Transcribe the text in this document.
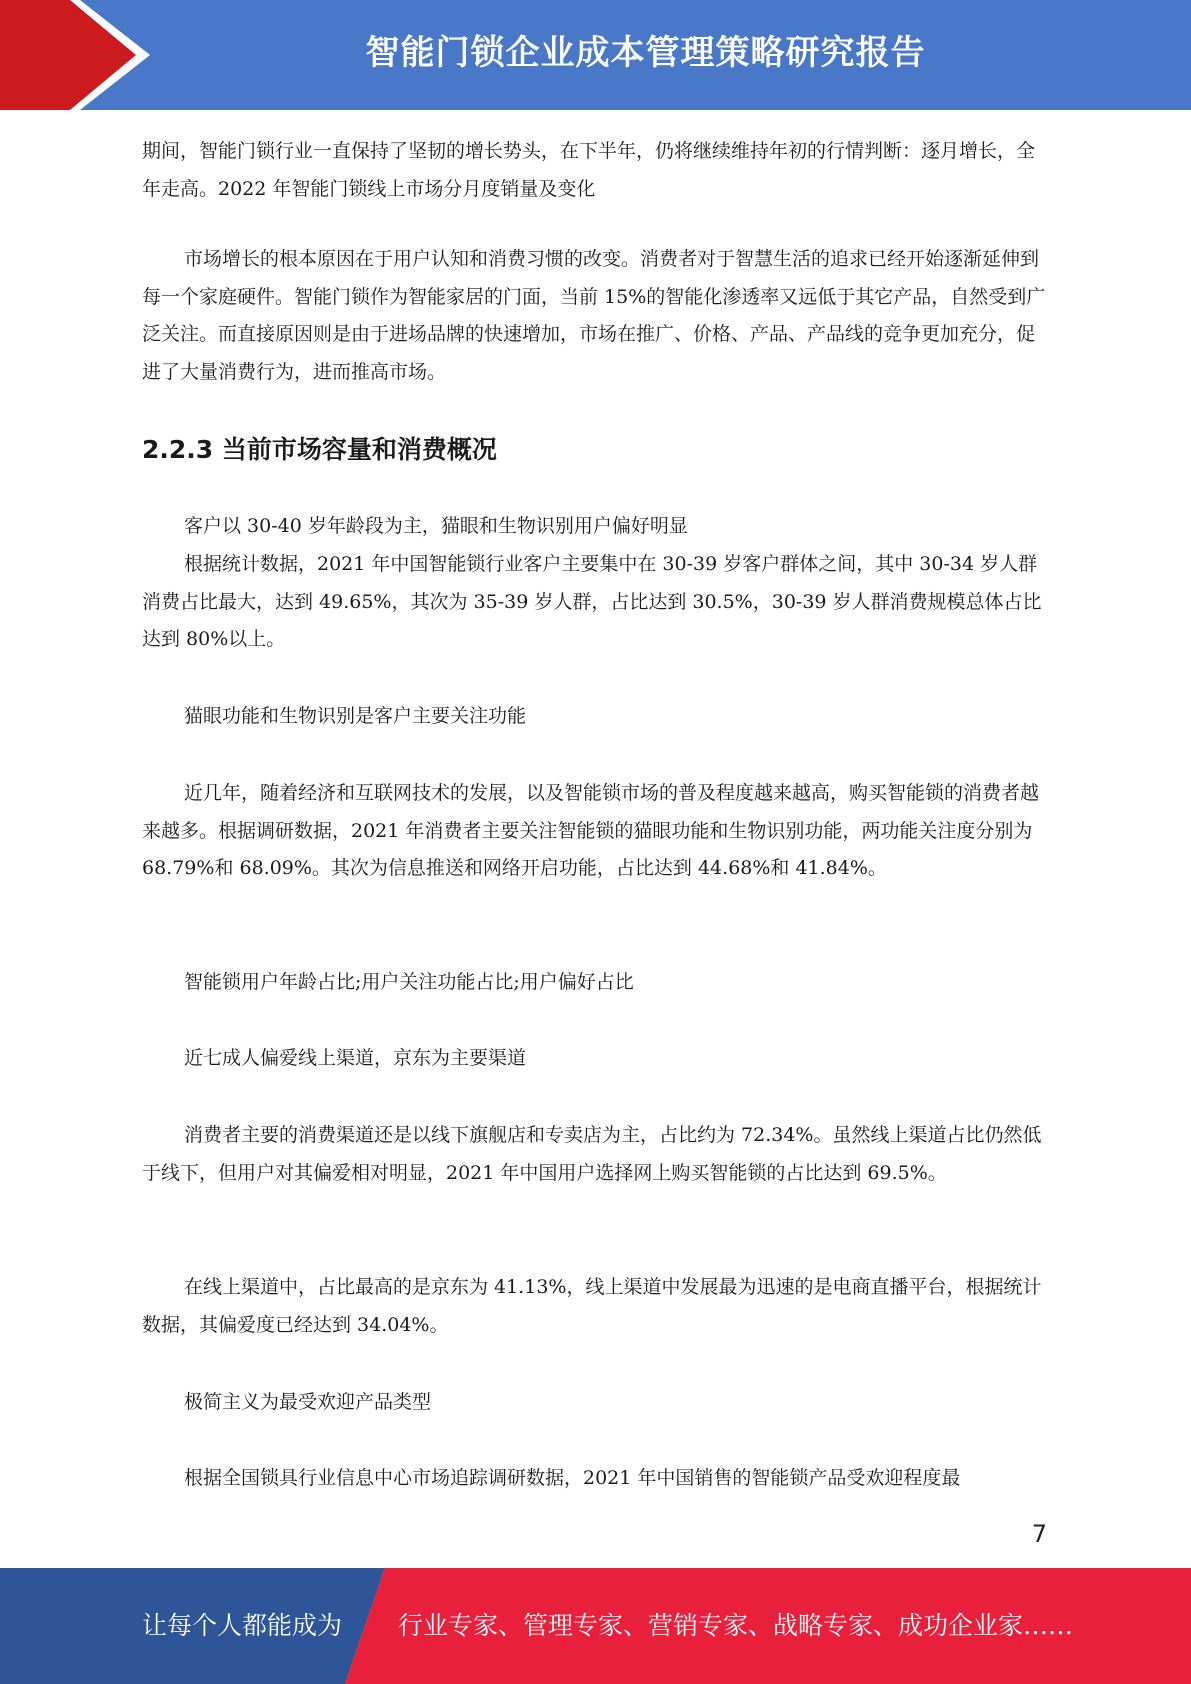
智能门锁企业成本管理策略研究报告

期间，智能门锁行业一直保持了坚韧的增长势头，在下半年，仍将继续维持年初的行情判断：逐月增长，全年走高。2022 年智能门锁线上市场分月度销量及变化

市场增长的根本原因在于用户认知和消费习惯的改变。消费者对于智慧生活的追求已经开始逐渐延伸到每一个家庭硬件。智能门锁作为智能家居的门面，当前 15%的智能化渗透率又远低于其它产品，自然受到广泛关注。而直接原因则是由于进场品牌的快速增加，市场在推广、价格、产品、产品线的竞争更加充分，促进了大量消费行为，进而推高市场。

2.2.3 当前市场容量和消费概况

客户以 30-40 岁年龄段为主，猫眼和生物识别用户偏好明显

根据统计数据，2021 年中国智能锁行业客户主要集中在 30-39 岁客户群体之间，其中 30-34 岁人群消费占比最大，达到 49.65%，其次为 35-39 岁人群，占比达到 30.5%，30-39 岁人群消费规模总体占比达到 80%以上。

猫眼功能和生物识别是客户主要关注功能

近几年，随着经济和互联网技术的发展，以及智能锁市场的普及程度越来越高，购买智能锁的消费者越来越多。根据调研数据，2021 年消费者主要关注智能锁的猫眼功能和生物识别功能，两功能关注度分别为 68.79%和 68.09%。其次为信息推送和网络开启功能，占比达到 44.68%和 41.84%。

智能锁用户年龄占比;用户关注功能占比;用户偏好占比

近七成人偏爱线上渠道，京东为主要渠道

消费者主要的消费渠道还是以线下旗舰店和专卖店为主，占比约为 72.34%。虽然线上渠道占比仍然低于线下，但用户对其偏爱相对明显，2021 年中国用户选择网上购买智能锁的占比达到 69.5%。

在线上渠道中，占比最高的是京东为 41.13%，线上渠道中发展最为迅速的是电商直播平台，根据统计数据，其偏爱度已经达到 34.04%。

极简主义为最受欢迎产品类型

根据全国锁具行业信息中心市场追踪调研数据，2021 年中国销售的智能锁产品受欢迎程度最

7
让每个人都能成为 行业专家、管理专家、营销专家、战略专家、成功企业家……
